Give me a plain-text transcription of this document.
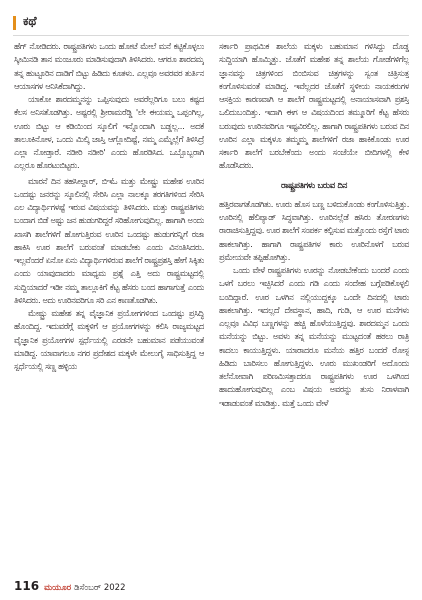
ಕಥೆ

ಹೆಗ್ ನೋಡಿದರು. ರಾಷ್ಟ್ರಪತಿಗಳು ಒಂದು ಹೋಟೆ ಮೇಲೆ ಮನೆ ಕಟ್ಟಿಕೊಳ್ಳಲು ಸ್ಕೀಮಿನಡಿ ತಾನ ಮಂಜೂರು ಮಾಡಿಸುವುದಾಗಿ ತಿಳಿಸಿದರು. ಆಗರೂ ಶಾರದಮ್ಮ ತನ್ನ ಹುಟ್ಟೂರಿನ ದಾಡಿಗೆ ಬಿಟ್ಟು ಹಿಡಿದು ಕೂತಳು. ಎಲ್ಲವೂ ಅವರವರ ತುರ್ತಿನ ಆಯಾಸಗಳ ಆನಿಸಿಕೆದಾಗಿದ್ದು.

ಯಾಕೋ ಶಾರದಮ್ಮನನ್ನು ಒಪ್ಪಿಸುವುದು ಅವರೆಲ್ಲರಿಗೂ ಬಲು ಕಷ್ಟದ ಕೆಲಸ ಅನಿಸತೊಡಗಿತ್ತು. ಅಷ್ಟರಲ್ಲಿ ಶ್ರೀರಾಮರೆಡ್ಡಿ 'ಲೇ ಈಯಮ್ಮ ಒಪ್ಪಂಗಿಲ್ಲ, ಊರು ಬಿಟ್ಟು ಆ ಕಡಿಯಿಂದ ಸ್ಕೂಲಿಗೆ ಇನ್ನೊಂದಾಗಿ ಬಡ್ಡಲ್ಲ... ಅದಕೆ ತಾಲೂಕಿನೋಳ, ಒಂದು ಮಿಲ್ಕಿ ಜಾಸ್ತಿ ಆಗ್ಲೋದಿಷ್ಟೆ, ನಮ್ಮ ಎಮ್ಮೆಲ್ಲೆಗೆ ತಿಳಿಸಿದ್ರೆ ಎಲ್ಲಾ ನೋಡ್ತಾರೆ. ನಡೀರಿ ನಡೀರಿ' ಎಂದು ಹೊರಡಿಸಿದ. ಒಬ್ಬೊಬ್ಬರಾಗಿ ಎಲ್ಲರೂ ಹೊರಟುಬಿಟ್ಟರು.

ಮಾರನೆ ದಿನ ತಹಸೀಲ್ದಾರ್, ಬಿಇಓ ಮತ್ತು ಮೇಷ್ಟ್ರು ಮಹೇಶ ಊರಿನ ಒಂದಷ್ಟು ಜನರನ್ನು ಸ್ಕೂಲಿನಲ್ಲಿ ಸೇರಿಸಿ ಎಲ್ಲಾ ನಾಲಕ್ಕೂ ತರಗತಿಗಳಿಂದ ಸೇರಿಸಿ ಎಲ ವಿದ್ಯಾರ್ಥಿಗಳಷ್ಟೆ ಇರುವ ವಿಷಯವನ್ನು ತಿಳಿಸಿದರು. ಮತ್ತು ರಾಷ್ಟ್ರಪತಿಗಳು ಬಂದಾಗ ಬಿಡೆ ಅಷ್ಟು ಜನ ಹುಡುಗರಿದ್ದರೆ ಸರಿಹೋಗುವುದಿಲ್ಲ. ಹಾಗಾಗಿ ಅಂದು ಖಾಸಗಿ ಶಾಲೆಗಳಿಗೆ ಹೋಗುತ್ತಿರುವ ಊರಿನ ಒಂದಷ್ಟು ಹುಡುಗರನ್ನಿಗೆ ರಜಾ ಹಾಕಿಸಿ ಊರ ಶಾಲೆಗೆ ಬರುವಂತೆ ಮಾಡಬೇಕು ಎಂದು ವಿನಂತಿಸಿದರು. ಇಲ್ಲವೆಂದರೆ ಏನೋ ಏನು ವಿದ್ಯಾರ್ಥಿಗಳಿರುವ ಶಾಲೆಗೆ ರಾಷ್ಟ್ರಪ್ರಶಸ್ತಿ ಹೇಗೆ ಸಿಕ್ಕಿತು ಎಂದು ಯಾವುದಾದರು ಮಾಧ್ಯಮ ಪ್ರಶ್ನೆ ಎತ್ತಿ ಅದು ರಾಷ್ಟ್ರಮಟ್ಟದಲ್ಲಿ ಸುದ್ದಿಯಾದರೆ ಇಡೀ ನಮ್ಮ ತಾಲ್ಲೂಕಿಗೆ ಕೆಟ್ಟ ಹೆಸರು ಬಂದ ಹಾಗಾಗುತ್ತೆ ಎಂದು ತಿಳಿಸಿದರು. ಅದು ಊರಿನವರಿಗೂ ಸರಿ ಎನ ಕಾಣತೊಡಗಿತು.

ಮೇಷ್ಟ್ರು ಮಹೇಶ ತನ್ನ ವೈಜ್ಞಾನಿಕ ಪ್ರಯೋಗಗಳಿಂದ ಒಂದಷ್ಟು ಪ್ರಸಿದ್ಧಿ ಹೊಂದಿದ್ದ. ಇದುವರೆಗ್ಗೆ ಮಕ್ಕಳಿಗೆ ಆ ಪ್ರಯೋಗಗಳನ್ನು ಕಲಿಸಿ ರಾಜ್ಯಮಟ್ಟದ ವೈಜ್ಞಾನಿಕ ಪ್ರಯೋಗಗಳ ಸ್ಪರ್ಧೆಯಲ್ಲಿ ಎರಡನೇ ಬಹುಮಾನ ಪಡೆಯುವಂತೆ ಮಾಡಿದ್ದ. ಯಾವಾಗಲೂ ನಗರ ಪ್ರದೇಶದ ಮಕ್ಕಳೇ ಮೇಲುಗೈ ಸಾಧಿಸುತ್ತಿದ್ದ ಆ ಸ್ಪರ್ಧೆಯಲ್ಲಿ ಸಣ್ಣ ಹಳ್ಳಿಯ

ಸರ್ಕಾರಿ ಪ್ರಾಥಮಿಕ ಶಾಲೆಯ ಮಕ್ಕಳು ಬಹುಮಾನ ಗಳಿಸಿದ್ದು ದೊಡ್ಡ ಸುದ್ದಿಯಾಗಿ ಹೊಮ್ಮಿತ್ತು. ಜೊತೆಗೆ ಮಹೇಶ ತನ್ನ ಶಾಲೆಯ ಗೋಡೆಗಳಿಗೆಲ್ಲ ಜ್ಞಾನವನ್ನು ಚಿತ್ರಗಳಿಂದ ಬಿಂಬಿಸುವ ಚಿತ್ರಗಳನ್ನು ಸ್ವಂತ ಚಿತ್ರಿಸುತ್ತ ಕಂಗೊಳಿಸುವಂತೆ ಮಾಡಿದ್ದ. ಇವೆಲ್ಲದರ ಜೊತೆಗೆ ಸ್ಥಳೀಯ ನಾಯಕರುಗಳ ಆಸಕ್ತಿಯ ಕಾರಣವಾಗಿ ಆ ಶಾಲೆಗೆ ರಾಷ್ಟ್ರಮಟ್ಟದಲ್ಲಿ ಅನಾಯಾಸವಾಗಿ ಪ್ರಶಸ್ತಿ ಒಲಿದುಬಂದಿತ್ತು. ಇದಾಗಿ ಈಗ ಆ ವಿಷಯದಿಂದ ತಮ್ಮೂರಿಗೆ ಕೆಟ್ಟ ಹೆಸರು ಬರುವುದು ಊರಿನವರಿಗೂ ಇಷ್ಟವಿರಲಿಲ್ಲ. ಹಾಗಾಗಿ ರಾಷ್ಟ್ರಪತಿಗಳು ಬರುವ ದಿನ ಊರಿನ ಎಲ್ಲಾ ಮಕ್ಕಳೂ ತಮ್ಮಮ್ಮ ಶಾಲೆಗಳಿಗೆ ರಜಾ ಹಾಕಿಕೊಂಡು ಊರ ಸರ್ಕಾರಿ ಶಾಲೆಗೆ ಬರಬೇಕೆಂದು ಅಂದು ಸಂಜೆಯೇ ಬೀದಿಗಳಲ್ಲಿ ಕೇಳಿ ಹೊಡೆಸಿದರು.

ರಾಷ್ಟ್ರಪತಿಗಳು ಬರುವ ದಿನ

ಹತ್ತಿರವಾಗತೊಡಗಿತು. ಊರು ಹೊಸ ಬಣ್ಣ ಬಳಿದುಕೊಂಡು ಕಂಗೊಳಿಸುತ್ತಿತ್ತು. ಊರಿನಲ್ಲಿ ಹೆಲಿಪ್ಯಾಡ್ ಸಿದ್ಧವಾಗಿತ್ತು. ಊರಿನಲ್ಲೆಡೆ ಹಸಿರು ತೋರಣಗಳು ರಾರಾಜಿಸುತ್ತಿದ್ದವು. ಊರ ಶಾಲೆಗೆ ಸಂಪರ್ಕ ಕಲ್ಪಿಸುವ ಮತ್ತೊಂದು ರಸ್ತೆಗೆ ಟಾರು ಹಾಕಲಾಗಿತ್ತು. ಹಾಗಾಗಿ ರಾಷ್ಟ್ರಪತಿಗಳ ಕಾರು ಊರಿನೊಳಗೆ ಬರುವ ಪ್ರಮೇಯವೇ ತಪ್ಪಿಹೋಗಿತ್ತು.

ಒಂದು ವೇಳೆ ರಾಷ್ಟ್ರಪತಿಗಳು ಊರನ್ನು ನೋಡಬೇಕೆಂದು ಬಂದರೆ ಎಂದು ಒಳಗೆ ಬರಲು ಇಚ್ಛಿಸಿದರೆ ಎಂದು ಗಡಿ ಎಂದು ಸಂದೇಹ ಬಗ್ಗೆಪಡಿಕೊಳ್ಳಲಿ ಬಂದಿದ್ದಾರೆ. ಊರ ಒಳಗಿನ ನಲ್ಲಿಯುದ್ದಕ್ಕೂ ಒಂದೇ ದಿನದಲ್ಲಿ ಟಾರು ಹಾಕಲಾಗಿತ್ತು. ಇದಲ್ಲದೆ ದೇವಸ್ಥಾನ, ಹಾದಿ, ಗುಡಿ, ಆ ಊರ ಮನೆಗಳು ಎಲ್ಲವೂ ವಿವಿಧ ಬಣ್ಣಗಳನ್ನು ಹಚ್ಚಿ ಹೊಳೆಯುತ್ತಿದ್ದವು. ಶಾರದಮ್ಮನ ಒಂದು ಮನೆಯನ್ನು ಬಿಟ್ಟು. ಅವಳು ತನ್ನ ಮನೆಯನ್ನು ಮುಟ್ಟದಂತೆ ಹಠಲು ರಾತ್ರಿ ಕಾದಲು ಕಾಯುತ್ತಿದ್ದಳು. ಯಾರಾದರೂ ಮನೆಯ ಹತ್ತಿರ ಬಂದರೆ ರೋಸ್ಟ ಹಿಡಿದು ಬಾರಿಸಲು ಹೋಗುತ್ತಿದ್ದಳು. ಊರು ಮುಖಂಡರಿಗೆ ಅದೊಂದು ತಲೆನೋವಾಗಿ ಪರಿಣಮಿಸತ್ತಾದರೂ ರಾಷ್ಟ್ರಪತಿಗಳು ಊರ ಒಳಗಿಂದ ಹಾದುಹೋಗುವುದಿಲ್ಲ ಎಂಬ ವಿಷಯ ಅವರನ್ನು ತುಸು ನಿರಾಳವಾಗಿ ಇಡಾಡುವಂತೆ ಮಾಡಿತ್ತು. ಮತ್ತೆ ಒಂದು ವೇಳೆ

116 ಮಯೂರ ಡಿಸೆಂಬರ್ 2022
